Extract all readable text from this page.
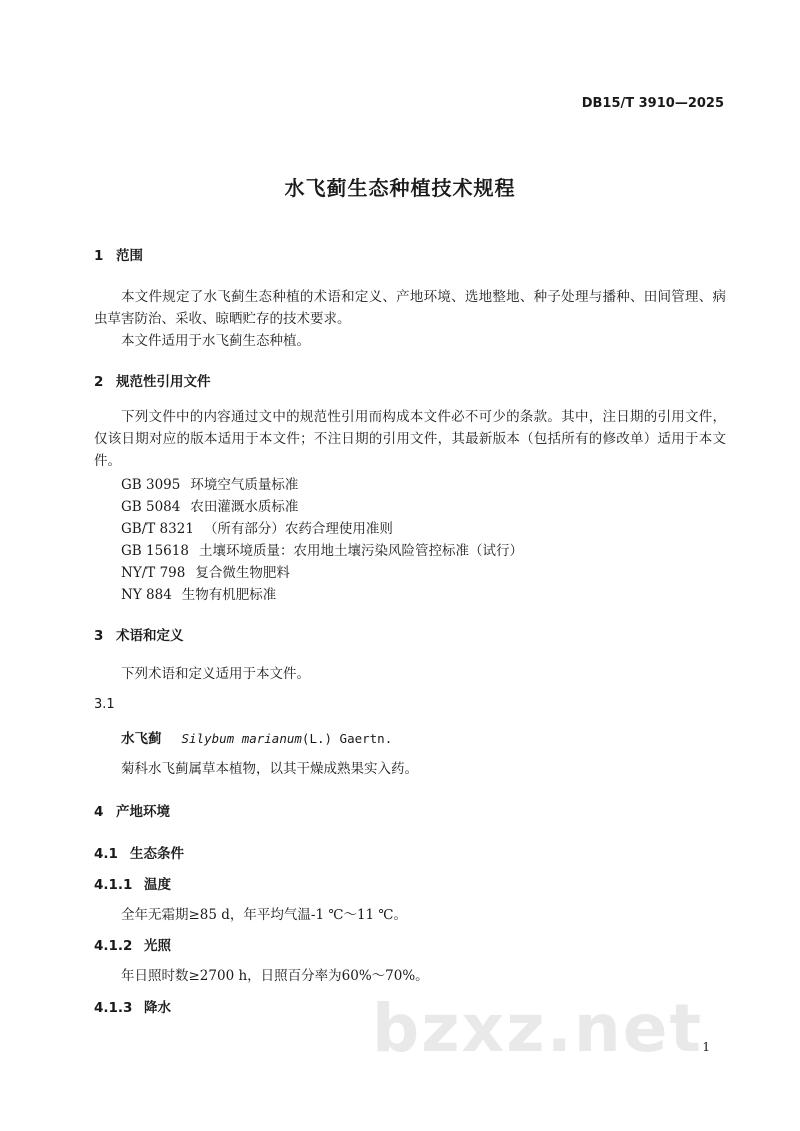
DB15/T 3910—2025
水飞蓟生态种植技术规程
1 范围

本文件规定了水飞蓟生态种植的术语和定义、产地环境、选地整地、种子处理与播种、田间管理、病虫草害防治、采收、晾晒贮存的技术要求。

本文件适用于水飞蓟生态种植。

2 规范性引用文件

下列文件中的内容通过文中的规范性引用而构成本文件必不可少的条款。其中，注日期的引用文件，仅该日期对应的版本适用于本文件；不注日期的引用文件，其最新版本（包括所有的修改单）适用于本文件。

GB 3095 环境空气质量标准
GB 5084 农田灌溉水质标准
GB/T 8321 （所有部分）农药合理使用准则
GB 15618 土壤环境质量：农用地土壤污染风险管控标准（试行）
NY/T 798 复合微生物肥料
NY 884 生物有机肥标准
3 术语和定义
下列术语和定义适用于本文件。
3.1
水飞蓟 Silybum marianum(L.) Gaertn.
菊科水飞蓟属草本植物，以其干燥成熟果实入药。
4 产地环境
4.1 生态条件
4.1.1 温度
全年无霜期≥85 d，年平均气温-1 ℃～11 ℃。
4.1.2 光照
年日照时数≥2700 h，日照百分率为60%～70%。
4.1.3 降水	bzxz.net 1
